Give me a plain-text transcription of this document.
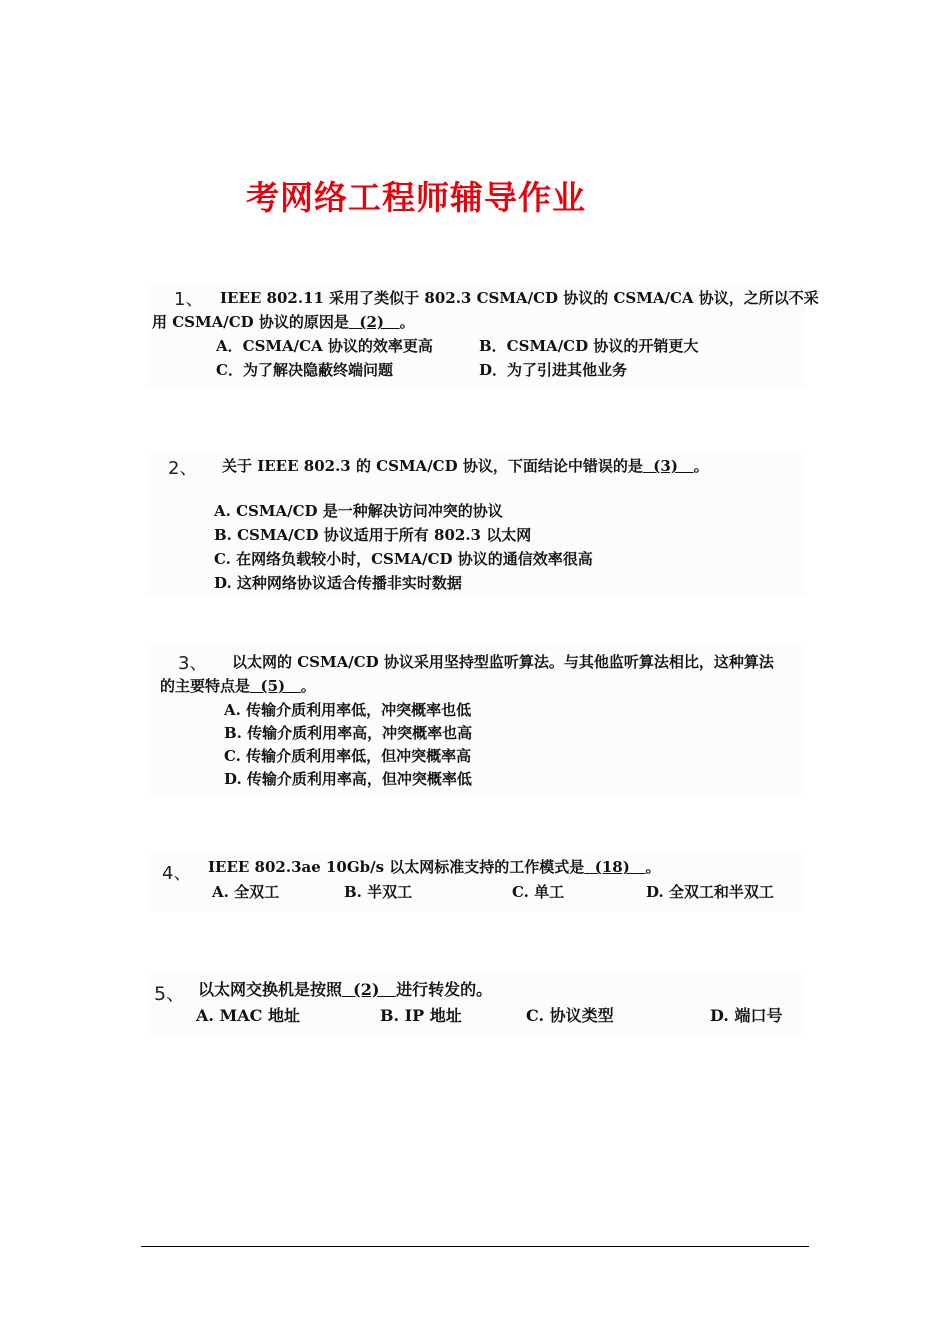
考网络工程师辅导作业
1、 IEEE 802.11 采用了类似于 802.3 CSMA/CD 协议的 CSMA/CA 协议，之所以不采
用 CSMA/CD 协议的原因是 (2) 。
A．CSMA/CA 协议的效率更高	B．CSMA/CD 协议的开销更大
C．为了解决隐蔽终端问题	D．为了引进其他业务
2、 关于 IEEE 802.3 的 CSMA/CD 协议，下面结论中错误的是 (3) 。
A. CSMA/CD 是一种解决访问冲突的协议
B. CSMA/CD 协议适用于所有 802.3 以太网
C. 在网络负载较小时，CSMA/CD 协议的通信效率很高
D. 这种网络协议适合传播非实时数据
3、 以太网的 CSMA/CD 协议采用坚持型监听算法。与其他监听算法相比，这种算法
的主要特点是 (5) 。
A. 传输介质利用率低，冲突概率也低
B. 传输介质利用率高，冲突概率也高
C. 传输介质利用率低，但冲突概率高
D. 传输介质利用率高，但冲突概率低
4、 IEEE 802.3ae 10Gb/s 以太网标准支持的工作模式是 (18) 。
A. 全双工	B. 半双工	C. 单工	D. 全双工和半双工
5、 以太网交换机是按照 (2) 进行转发的。
A. MAC 地址	B. IP 地址	C. 协议类型	D. 端口号
